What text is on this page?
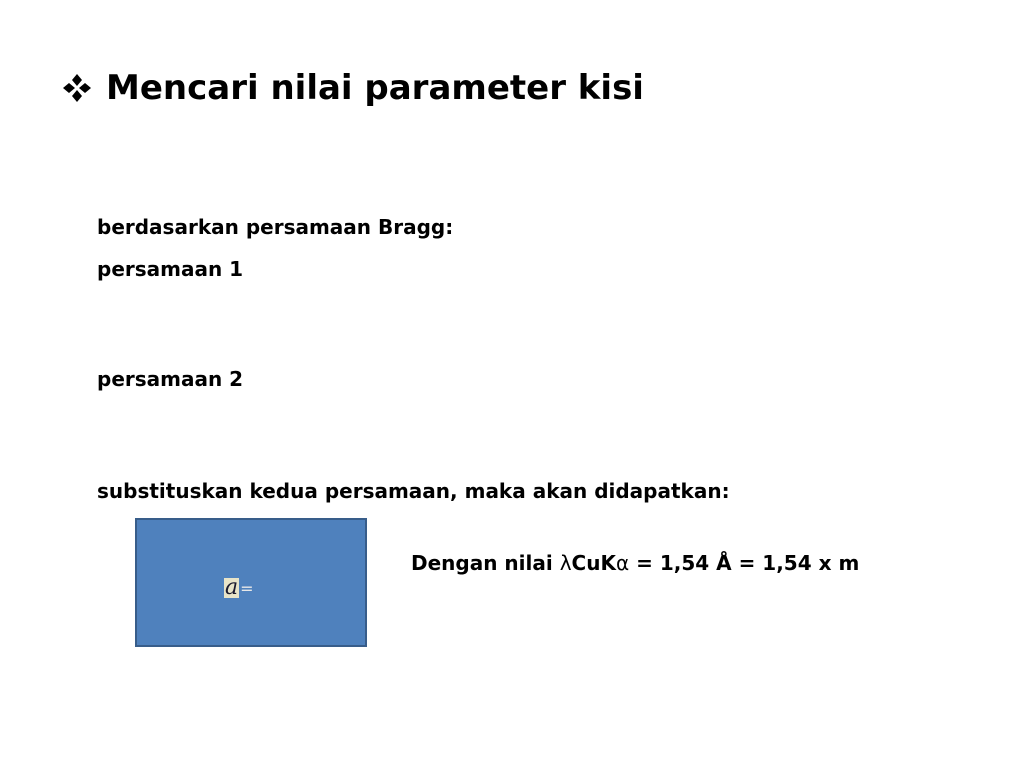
Mencari nilai parameter kisi
berdasarkan persamaan Bragg:
persamaan 1
persamaan 2
substituskan kedua persamaan, maka akan didapatkan:
a =
Dengan nilai λCuKα = 1,54 Å = 1,54 x m
